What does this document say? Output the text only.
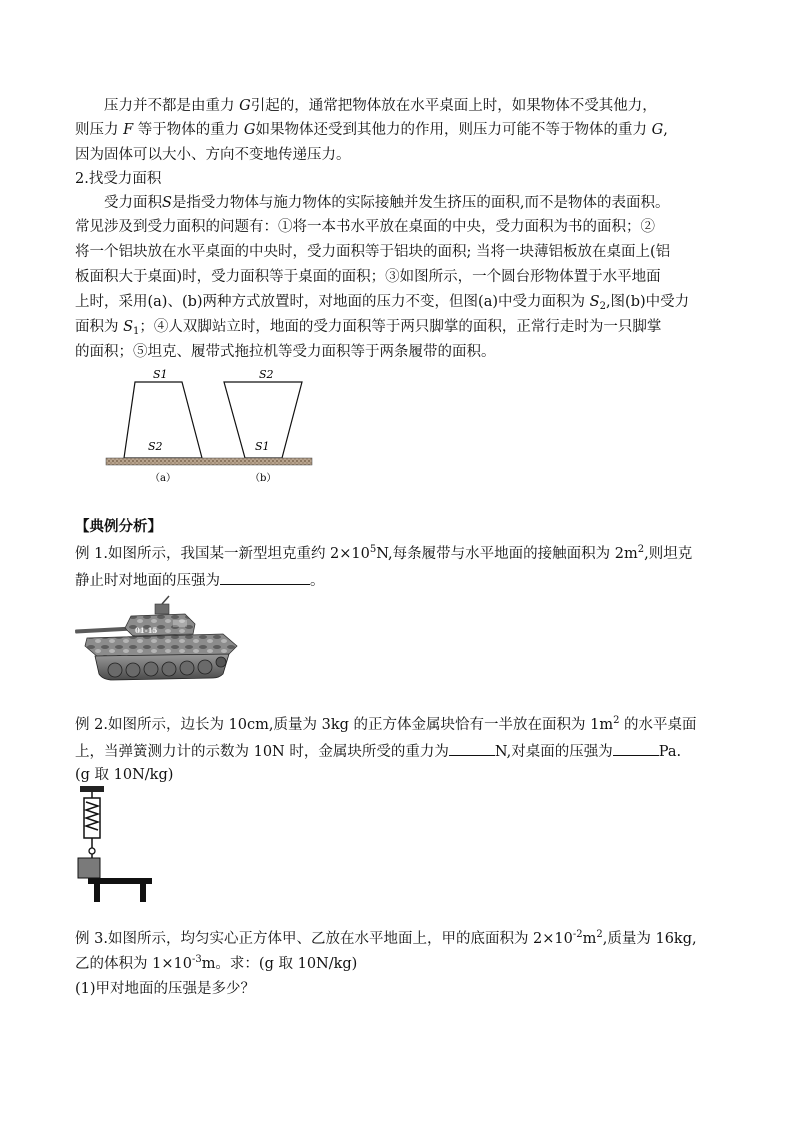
压力并不都是由重力 G引起的，通常把物体放在水平桌面上时，如果物体不受其他力，
则压力 F 等于物体的重力 G如果物体还受到其他力的作用，则压力可能不等于物体的重力 G,
因为固体可以大小、方向不变地传递压力。
2.找受力面积
受力面积S是指受力物体与施力物体的实际接触并发生挤压的面积,而不是物体的表面积。
常见涉及到受力面积的问题有：①将一本书水平放在桌面的中央，受力面积为书的面积；②
将一个铝块放在水平桌面的中央时，受力面积等于铝块的面积; 当将一块薄铝板放在桌面上(铝
板面积大于桌面)时，受力面积等于桌面的面积；③如图所示，一个圆台形物体置于水平地面
上时，采用(a)、(b)两种方式放置时，对地面的压力不变，但图(a)中受力面积为 $S_2$,图(b)中受力
面积为 $S_1$；④人双脚站立时，地面的受力面积等于两只脚掌的面积，正常行走时为一只脚掌
的面积；⑤坦克、履带式拖拉机等受力面积等于两条履带的面积。
S1
S2
S2
S1
（a）	（b）
【典例分析】
例 1.如图所示，我国某一新型坦克重约 $2\times 10^5N$,每条履带与水平地面的接触面积为 $2m^2$,则坦克
静止时对地面的压强为	。
01-15
例 2.如图所示，边长为 10cm,质量为 3kg 的正方体金属块恰有一半放在面积为 $1m^2$ 的水平桌面
上，当弹簧测力计的示数为 10N 时，金属块所受的重力为	N,对桌面的压强为	Pa.
(g 取 10N/kg)
例 3.如图所示，均匀实心正方体甲、乙放在水平地面上，甲的底面积为 $2\times 10^{-2}m^2$,质量为 16kg,
乙的体积为 $1\times 10^{-3}m$。求：(g 取 10N/kg)
(1)甲对地面的压强是多少？
